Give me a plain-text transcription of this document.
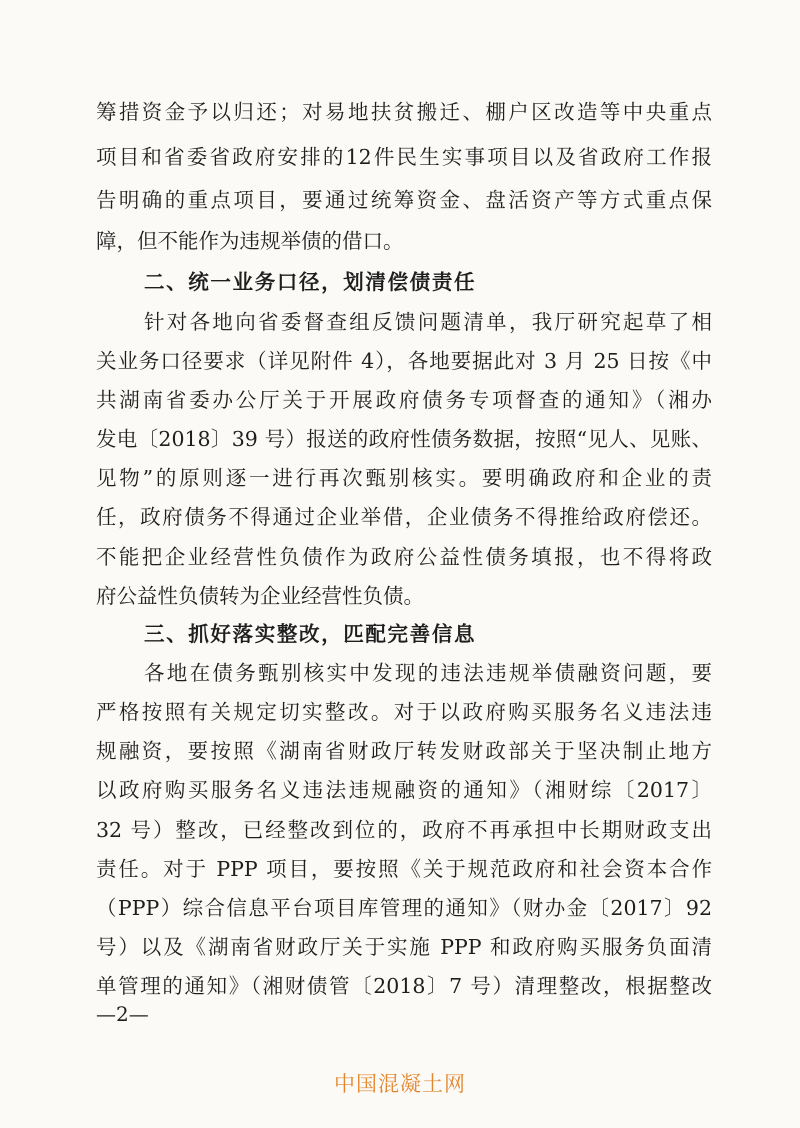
筹措资金予以归还；对易地扶贫搬迁、棚户区改造等中央重点
项目和省委省政府安排的12件民生实事项目以及省政府工作报
告明确的重点项目，要通过统筹资金、盘活资产等方式重点保
障，但不能作为违规举债的借口。
二、统一业务口径，划清偿债责任
针对各地向省委督查组反馈问题清单，我厅研究起草了相
关业务口径要求（详见附件 4），各地要据此对 3 月 25 日按《中
共湖南省委办公厅关于开展政府债务专项督查的通知》（湘办
发电〔2018〕39 号）报送的政府性债务数据，按照“见人、见账、
见物”的原则逐一进行再次甄别核实。要明确政府和企业的责
任，政府债务不得通过企业举借，企业债务不得推给政府偿还。
不能把企业经营性负债作为政府公益性债务填报，也不得将政
府公益性负债转为企业经营性负债。
三、抓好落实整改，匹配完善信息
各地在债务甄别核实中发现的违法违规举债融资问题，要
严格按照有关规定切实整改。对于以政府购买服务名义违法违
规融资，要按照《湖南省财政厅转发财政部关于坚决制止地方
以政府购买服务名义违法违规融资的通知》（湘财综〔2017〕
32 号）整改，已经整改到位的，政府不再承担中长期财政支出
责任。对于 PPP 项目，要按照《关于规范政府和社会资本合作
（PPP）综合信息平台项目库管理的通知》（财办金〔2017〕92
号）以及《湖南省财政厅关于实施 PPP 和政府购买服务负面清
单管理的通知》（湘财债管〔2018〕7 号）清理整改，根据整改
—2—
中国混凝土网
